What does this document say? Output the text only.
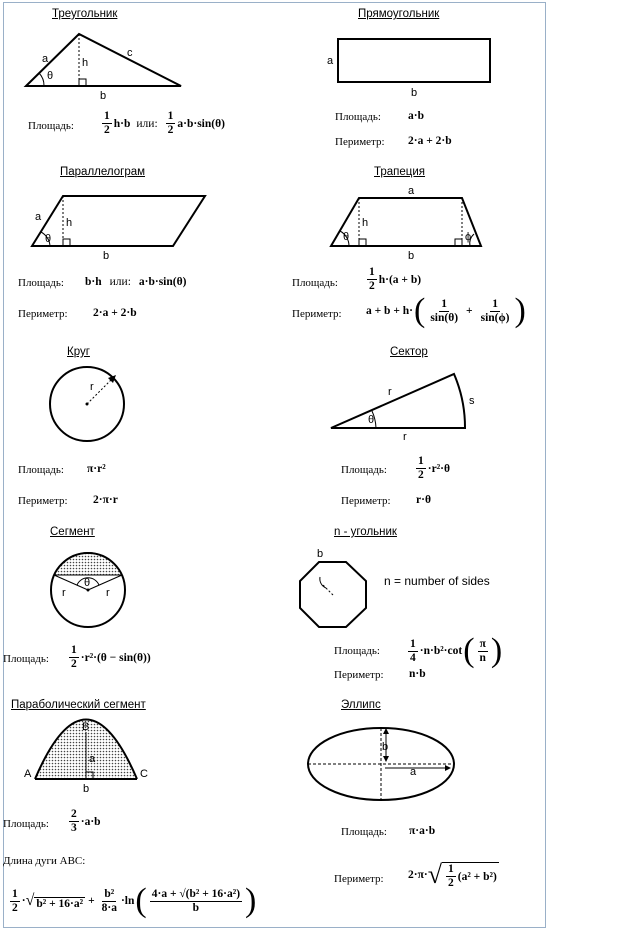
Треугольник
a	c
h
θ
b
Площадь:
1
2
h·b или:
1
2
a·b·sin(θ)
Прямоугольник
a
b
Площадь: a·b
Периметр: 2·a + 2·b
Параллелограм
a h
θ
b
Площадь: b·h или: a·b·sin(θ)
Периметр: 2·a + 2·b
Трапеция
a
h
θ	ϕ
b
Площадь:
1
2
h·(a + b)
Периметр: a + b + h· ( 1
sin(θ)
+ $\frac{1}{\sin(\phi)}$ )
Круг
r
Площадь: π·r²
Периметр: 2·π·r
Сектор
r
r
s
θ
Площадь:
1
2
·r²·θ
Периметр: r·θ
Сегмент
θ
r	r
Площадь:
1
2
·r²·(θ − sin(θ))
n - угольник
b
n = number of sides
Площадь:
1
4
·n·b²·cot ( π
n )
Периметр: n·b
Параболический сегмент
B
A	C
a
b
Площадь:
2
3
·a·b
Длина дуги ABC:
1
2
· √ $b^2 + 16\cdot a^2 + \frac{\text{b²}}{8\cdot a} \cdot\ln$ ( 4·a + √(b² + 16·a²)
b )
Эллипс
b
a
Площадь: π·a·b
Периметр: 2·π· √ 1
2
(a² + b²)
